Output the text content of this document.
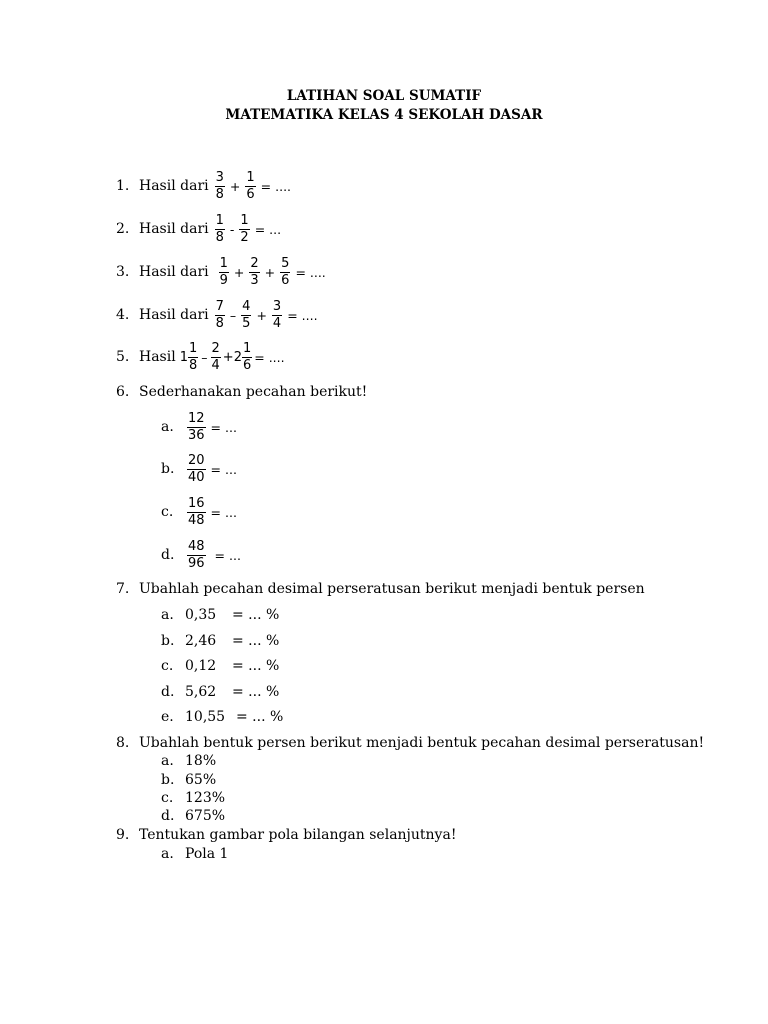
LATIHAN SOAL SUMATIF
MATEMATIKA KELAS 4 SEKOLAH DASAR
1. Hasil dari $\frac{3}{8} + \frac{1}{6}$ = ....
2. Hasil dari $\frac{1}{8} - \frac{1}{2}$ = ...
3. Hasil dari $\frac{1}{9} + \frac{2}{3} + \frac{5}{6}$ = ....
4. Hasil dari $\frac{7}{8} - \frac{4}{5} + \frac{3}{4}$ = ....
5. Hasil $1 \frac{1}{8} - \frac{2}{4} +2 \frac{1}{6}$ = ....
6. Sederhanakan pecahan berikut!
a. $\frac{12}{36}$ = ...
b. $\frac{20}{40}$ = ...
c. $\frac{16}{48}$ = ...
d. $\frac{48}{96}$ = ...
7. Ubahlah pecahan desimal perseratusan berikut menjadi bentuk persen
a. 0,35 = ... %
b. 2,46 = ... %
c. 0,12 = ... %
d. 5,62 = ... %
e. 10,55 = ... %
8. Ubahlah bentuk persen berikut menjadi bentuk pecahan desimal perseratusan!
a. 18%
b. 65%
c. 123%
d. 675%
9. Tentukan gambar pola bilangan selanjutnya!
a. Pola 1
